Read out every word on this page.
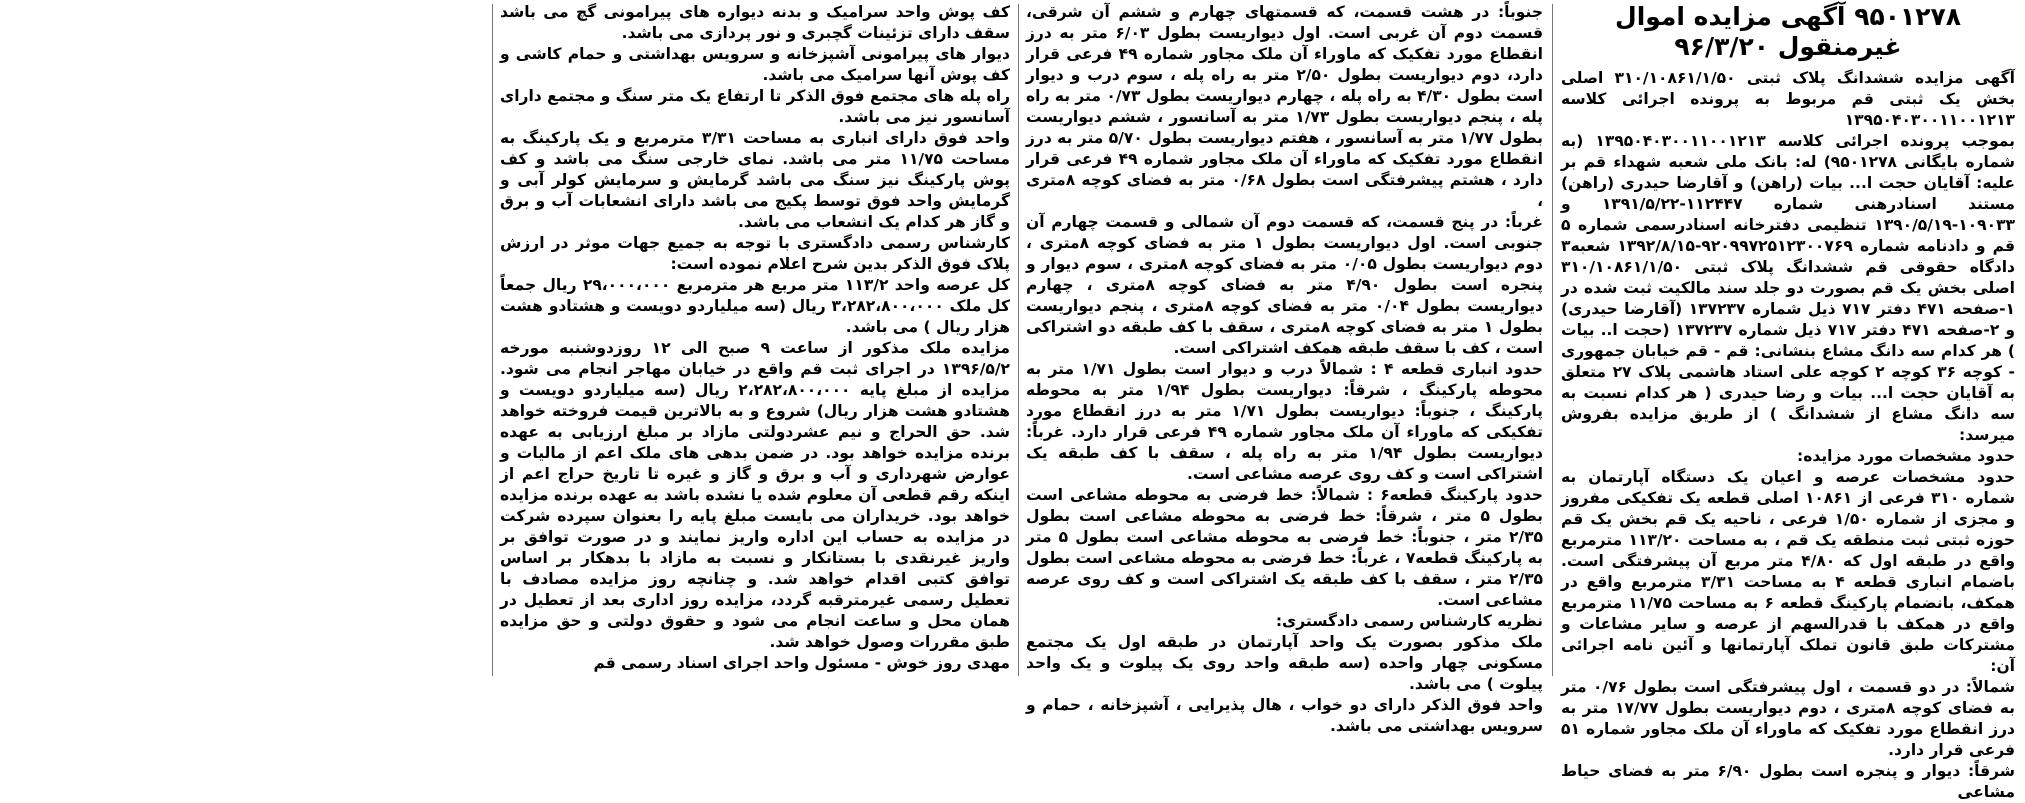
۹۵۰۱۲۷۸ آگهی مزایده اموال غیرمنقول ۹۶/۳/۲۰

آگهی مزایده ششدانگ پلاک ثبتی ۳۱۰/۱۰۸۶۱/۱/۵۰ اصلی بخش یک ثبتی قم مربوط به پرونده اجرائی کلاسه ۱۳۹۵۰۴۰۳۰۰۱۱۰۰۱۲۱۳

بموجب پرونده اجرائی کلاسه ۱۳۹۵۰۴۰۳۰۰۱۱۰۰۱۲۱۳ (به شماره بایگانی ۹۵۰۱۲۷۸) له: بانک ملی شعبه شهداء قم بر علیه: آقایان حجت ا... بیات (راهن) و آقارضا حیدری (راهن) مستند اسنادرهنی شماره ۱۱۲۴۴۷-۱۳۹۱/۵/۲۲ و ۱۰۹۰۳۳-۱۳۹۰/۵/۱۹ تنظیمی دفترخانه اسنادرسمی شماره ۵ قم و دادنامه شماره ۹۲۰۹۹۷۲۵۱۲۳۰۰۷۶۹-۱۳۹۲/۸/۱۵ شعبه۳ دادگاه حقوقی قم ششدانگ پلاک ثبتی ۳۱۰/۱۰۸۶۱/۱/۵۰ اصلی بخش یک قم بصورت دو جلد سند مالکیت ثبت شده در ۱-صفحه ۴۷۱ دفتر ۷۱۷ ذیل شماره ۱۳۷۲۳۷ (آقارضا حیدری) و ۲-صفحه ۴۷۱ دفتر ۷۱۷ ذیل شماره ۱۳۷۲۳۷ (حجت ا.. بیات ) هر کدام سه دانگ مشاع بنشانی: قم - قم خیابان جمهوری - کوچه ۳۶ کوچه ۲ کوچه علی استاد هاشمی پلاک ۲۷ متعلق به آقایان حجت ا... بیات و رضا حیدری ( هر کدام نسبت به سه دانگ مشاع از ششدانگ ) از طریق مزایده بفروش میرسد:

حدود مشخصات مورد مزایده:

حدود مشخصات عرصه و اعیان یک دستگاه آپارتمان به شماره ۳۱۰ فرعی از ۱۰۸۶۱ اصلی قطعه یک تفکیکی مفروز و مجزی از شماره ۱/۵۰ فرعی ، ناحیه یک قم بخش یک قم حوزه ثبتی ثبت منطقه یک قم ، به مساحت ۱۱۳/۲۰ مترمربع واقع در طبقه اول که ۴/۸۰ متر مربع آن پیشرفتگی است. باضمام انباری قطعه ۴ به مساحت ۳/۳۱ مترمربع واقع در همکف، بانضمام پارکینگ قطعه ۶ به مساحت ۱۱/۷۵ مترمربع واقع در همکف با قدرالسهم از عرصه و سایر مشاعات و مشترکات طبق قانون تملک آپارتمانها و آئین نامه اجرائی آن:

شمالاً: در دو قسمت ، اول پیشرفتگی است بطول ۰/۷۶ متر به فضای کوچه ۸متری ، دوم دیواریست بطول ۱۷/۷۷ متر به درز انقطاع مورد تفکیک که ماوراء آن ملک مجاور شماره ۵۱ فرعی قرار دارد.

شرقاً: دیوار و پنجره است بطول ۶/۹۰ متر به فضای حیاط مشاعی

جنوباً: در هشت قسمت، که قسمتهای چهارم و ششم آن شرقی، قسمت دوم آن غربی است. اول دیواریست بطول ۶/۰۳ متر به درز انقطاع مورد تفکیک که ماوراء آن ملک مجاور شماره ۴۹ فرعی قرار دارد، دوم دیواریست بطول ۲/۵۰ متر به راه پله ، سوم درب و دیوار است بطول ۴/۳۰ به راه پله ، چهارم دیواریست بطول ۰/۷۳ متر به راه پله ، پنجم دیواریست بطول ۱/۷۳ متر به آسانسور ، ششم دیواریست بطول ۱/۷۷ متر به آسانسور ، هفتم دیواریست بطول ۵/۷۰ متر به درز انقطاع مورد تفکیک که ماوراء آن ملک مجاور شماره ۴۹ فرعی قرار دارد ، هشتم پیشرفتگی است بطول ۰/۶۸ متر به فضای کوچه ۸متری ،

غرباً: در پنج قسمت، که قسمت دوم آن شمالی و قسمت چهارم آن جنوبی است. اول دیواریست بطول ۱ متر به فضای کوچه ۸متری ، دوم دیواریست بطول ۰/۰۵ متر به فضای کوچه ۸متری ، سوم دیوار و پنجره است بطول ۴/۹۰ متر به فضای کوچه ۸متری ، چهارم دیواریست بطول ۰/۰۴ متر به فضای کوچه ۸متری ، پنجم دیواریست بطول ۱ متر به فضای کوچه ۸متری ، سقف با کف طبقه دو اشتراکی است ، کف با سقف طبقه همکف اشتراکی است.

حدود انباری قطعه ۴ : شمالاً درب و دیوار است بطول ۱/۷۱ متر به محوطه پارکینگ ، شرقاً: دیواریست بطول ۱/۹۴ متر به محوطه پارکینگ ، جنوباً: دیواریست بطول ۱/۷۱ متر به درز انقطاع مورد تفکیکی که ماوراء آن ملک مجاور شماره ۴۹ فرعی قرار دارد. غرباً: دیواریست بطول ۱/۹۴ متر به راه پله ، سقف با کف طبقه یک اشتراکی است و کف روی عرصه مشاعی است.

حدود پارکینگ قطعه۶ : شمالاً: خط فرضی به محوطه مشاعی است بطول ۵ متر ، شرقاً: خط فرضی به محوطه مشاعی است بطول ۲/۳۵ متر ، جنوباً: خط فرضی به محوطه مشاعی است بطول ۵ متر به پارکینگ قطعه۷ ، غرباً: خط فرضی به محوطه مشاعی است بطول ۲/۳۵ متر ، سقف با کف طبقه یک اشتراکی است و کف روی عرصه مشاعی است.

نظریه کارشناس رسمی دادگستری:

ملک مذکور بصورت یک واحد آپارتمان در طبقه اول یک مجتمع مسکونی چهار واحده (سه طبقه واحد روی یک پیلوت و یک واحد پیلوت ) می باشد.

واحد فوق الذکر دارای دو خواب ، هال پذیرایی ، آشپزخانه ، حمام و سرویس بهداشتی می باشد.

کف پوش واحد سرامیک و بدنه دیواره های پیرامونی گچ می باشد سقف دارای تزئینات گچبری و نور پردازی می باشد.

دیوار های پیرامونی آشپزخانه و سرویس بهداشتی و حمام کاشی و کف پوش آنها سرامیک می باشد.

راه پله های مجتمع فوق الذکر تا ارتفاع یک متر سنگ و مجتمع دارای آسانسور نیز می باشد.

واحد فوق دارای انباری به مساحت ۳/۳۱ مترمربع و یک پارکینگ به مساحت ۱۱/۷۵ متر می باشد. نمای خارجی سنگ می باشد و کف پوش پارکینگ نیز سنگ می باشد گرمایش و سرمایش کولر آبی و گرمایش واحد فوق توسط پکیج می باشد دارای انشعابات آب و برق و گاز هر کدام یک انشعاب می باشد.

کارشناس رسمی دادگستری با توجه به جمیع جهات موثر در ارزش پلاک فوق الذکر بدین شرح اعلام نموده است:

کل عرصه واحد ۱۱۳/۲ متر مربع هر مترمربع ۲۹،۰۰۰،۰۰۰ ریال جمعاً کل ملک ۳،۲۸۲،۸۰۰،۰۰۰ ریال (سه میلیاردو دویست و هشتادو هشت هزار ریال ) می باشد.

مزایده ملک مذکور از ساعت ۹ صبح الی ۱۲ روزدوشنبه مورخه ۱۳۹۶/۵/۲ در اجرای ثبت قم واقع در خیابان مهاجر انجام می شود. مزایده از مبلغ پایه ۲،۲۸۲،۸۰۰،۰۰۰ ریال (سه میلیاردو دویست و هشتادو هشت هزار ریال) شروع و به بالاترین قیمت فروخته خواهد شد. حق الحراج و نیم عشردولتی مازاد بر مبلغ ارزیابی به عهده برنده مزایده خواهد بود. در ضمن بدهی های ملک اعم از مالیات و عوارض شهرداری و آب و برق و گاز و غیره تا تاریخ حراج اعم از اینکه رقم قطعی آن معلوم شده یا نشده باشد به عهده برنده مزایده خواهد بود. خریداران می بایست مبلغ پایه را بعنوان سپرده شرکت در مزایده به حساب این اداره واریز نمایند و در صورت توافق بر واریز غیرنقدی با بستانکار و نسبت به مازاد با بدهکار بر اساس توافق کتبی اقدام خواهد شد. و چنانچه روز مزایده مصادف با تعطیل رسمی غیرمترقبه گردد، مزایده روز اداری بعد از تعطیل در همان محل و ساعت انجام می شود و حقوق دولتی و حق مزایده طبق مقررات وصول خواهد شد.

مهدی روز خوش - مسئول واحد اجرای اسناد رسمی قم
